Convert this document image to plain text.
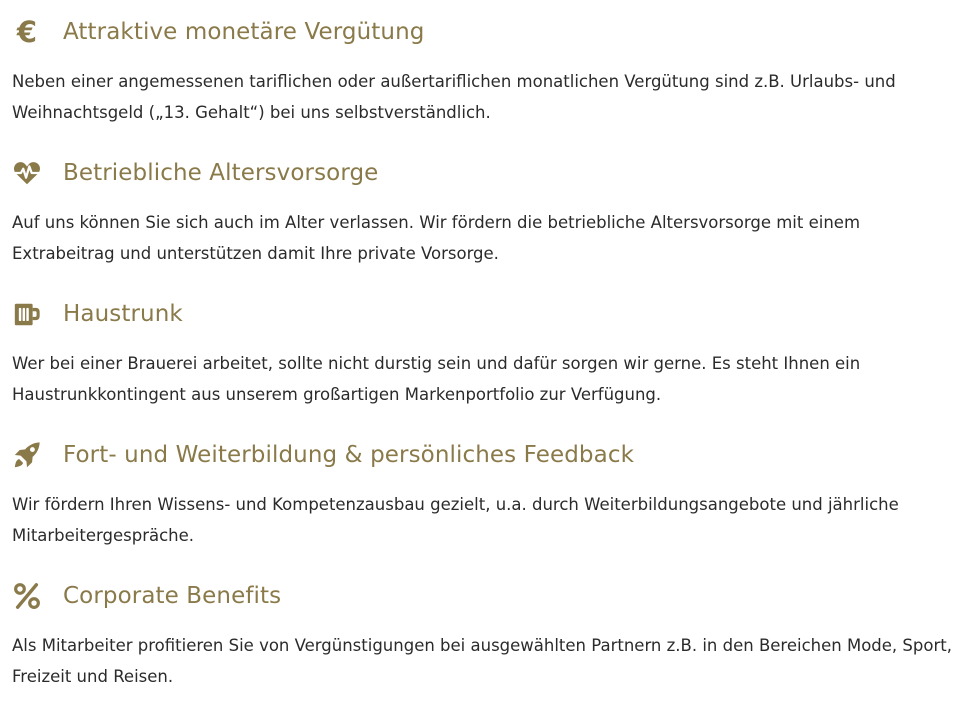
€ Attraktive monetäre Vergütung

Neben einer angemessenen tariflichen oder außertariflichen monatlichen Vergütung sind z.B. Urlaubs- und Weihnachtsgeld („13. Gehalt“) bei uns selbstverständlich.

Betriebliche Altersvorsorge

Auf uns können Sie sich auch im Alter verlassen. Wir fördern die betriebliche Altersvorsorge mit einem Extrabeitrag und unterstützen damit Ihre private Vorsorge.

Haustrunk

Wer bei einer Brauerei arbeitet, sollte nicht durstig sein und dafür sorgen wir gerne. Es steht Ihnen ein Haustrunkkontingent aus unserem großartigen Markenportfolio zur Verfügung.

Fort- und Weiterbildung & persönliches Feedback

Wir fördern Ihren Wissens- und Kompetenzausbau gezielt, u.a. durch Weiterbildungsangebote und jährliche Mitarbeitergespräche.

Corporate Benefits

Als Mitarbeiter profitieren Sie von Vergünstigungen bei ausgewählten Partnern z.B. in den Bereichen Mode, Sport, Freizeit und Reisen.
